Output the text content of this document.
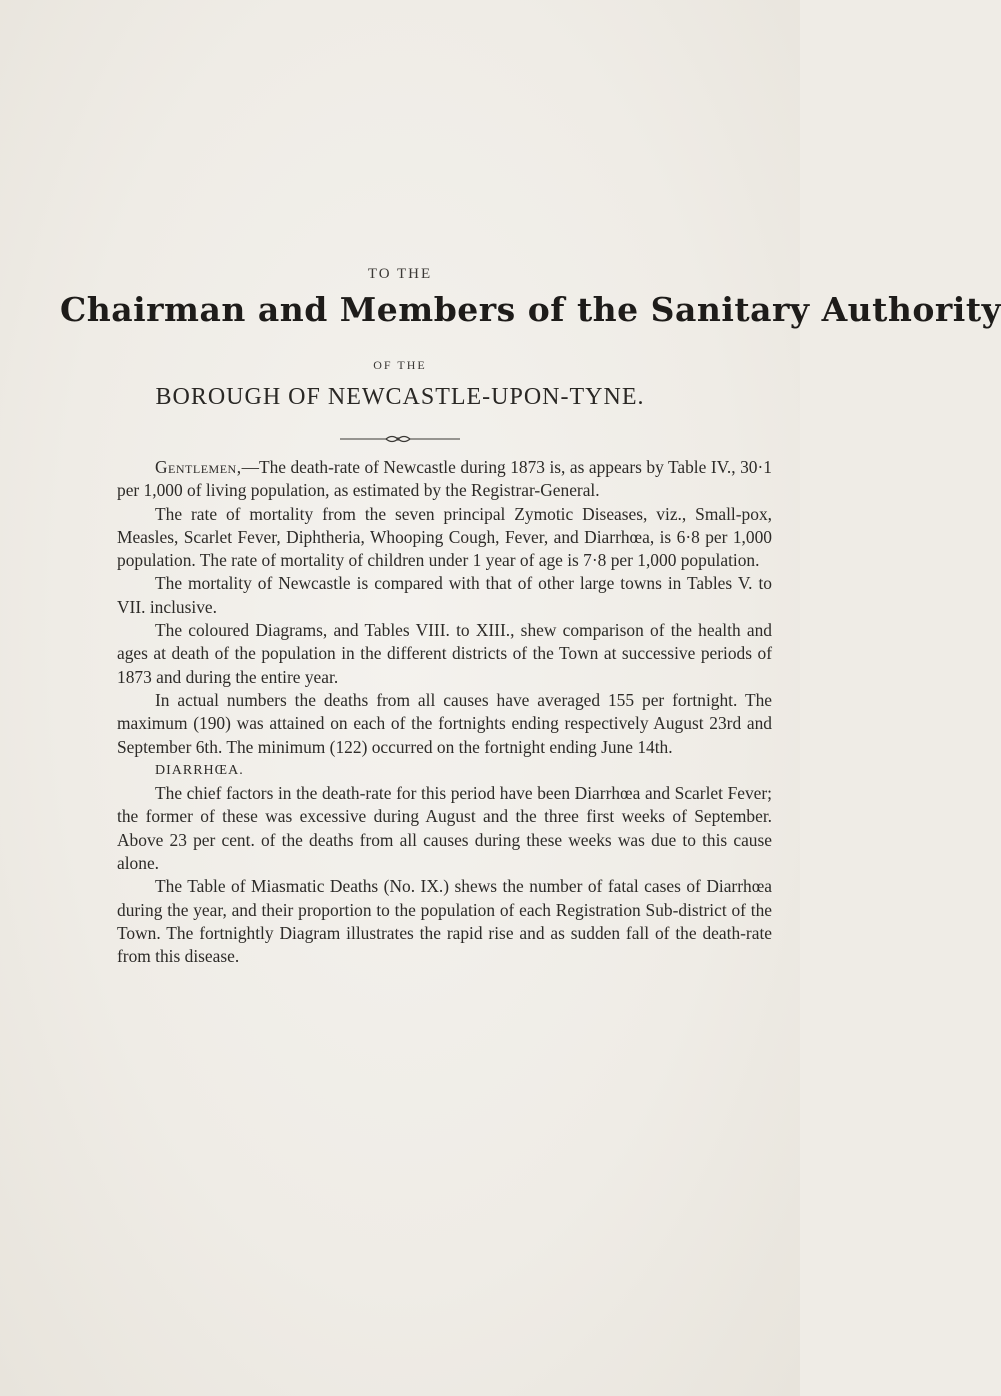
TO THE
Chairman and Members of the Sanitary Authority
OF THE
BOROUGH OF NEWCASTLE-UPON-TYNE.

Gentlemen,—The death-rate of Newcastle during 1873 is, as appears by Table IV., 30·1 per 1,000 of living population, as estimated by the Registrar-General.

The rate of mortality from the seven principal Zymotic Diseases, viz., Small-pox, Measles, Scarlet Fever, Diphtheria, Whooping Cough, Fever, and Diarrhœa, is 6·8 per 1,000 population. The rate of mortality of children under 1 year of age is 7·8 per 1,000 population.

The mortality of Newcastle is compared with that of other large towns in Tables V. to VII. inclusive.

The coloured Diagrams, and Tables VIII. to XIII., shew comparison of the health and ages at death of the population in the different districts of the Town at successive periods of 1873 and during the entire year.

In actual numbers the deaths from all causes have averaged 155 per fortnight. The maximum (190) was attained on each of the fortnights ending respectively August 23rd and September 6th. The minimum (122) occurred on the fortnight ending June 14th.

DIARRHŒA.

The chief factors in the death-rate for this period have been Diarrhœa and Scarlet Fever; the former of these was excessive during August and the three first weeks of September. Above 23 per cent. of the deaths from all causes during these weeks was due to this cause alone.

The Table of Miasmatic Deaths (No. IX.) shews the number of fatal cases of Diarrhœa during the year, and their proportion to the population of each Registration Sub-district of the Town. The fortnightly Diagram illustrates the rapid rise and as sudden fall of the death-rate from this disease.
